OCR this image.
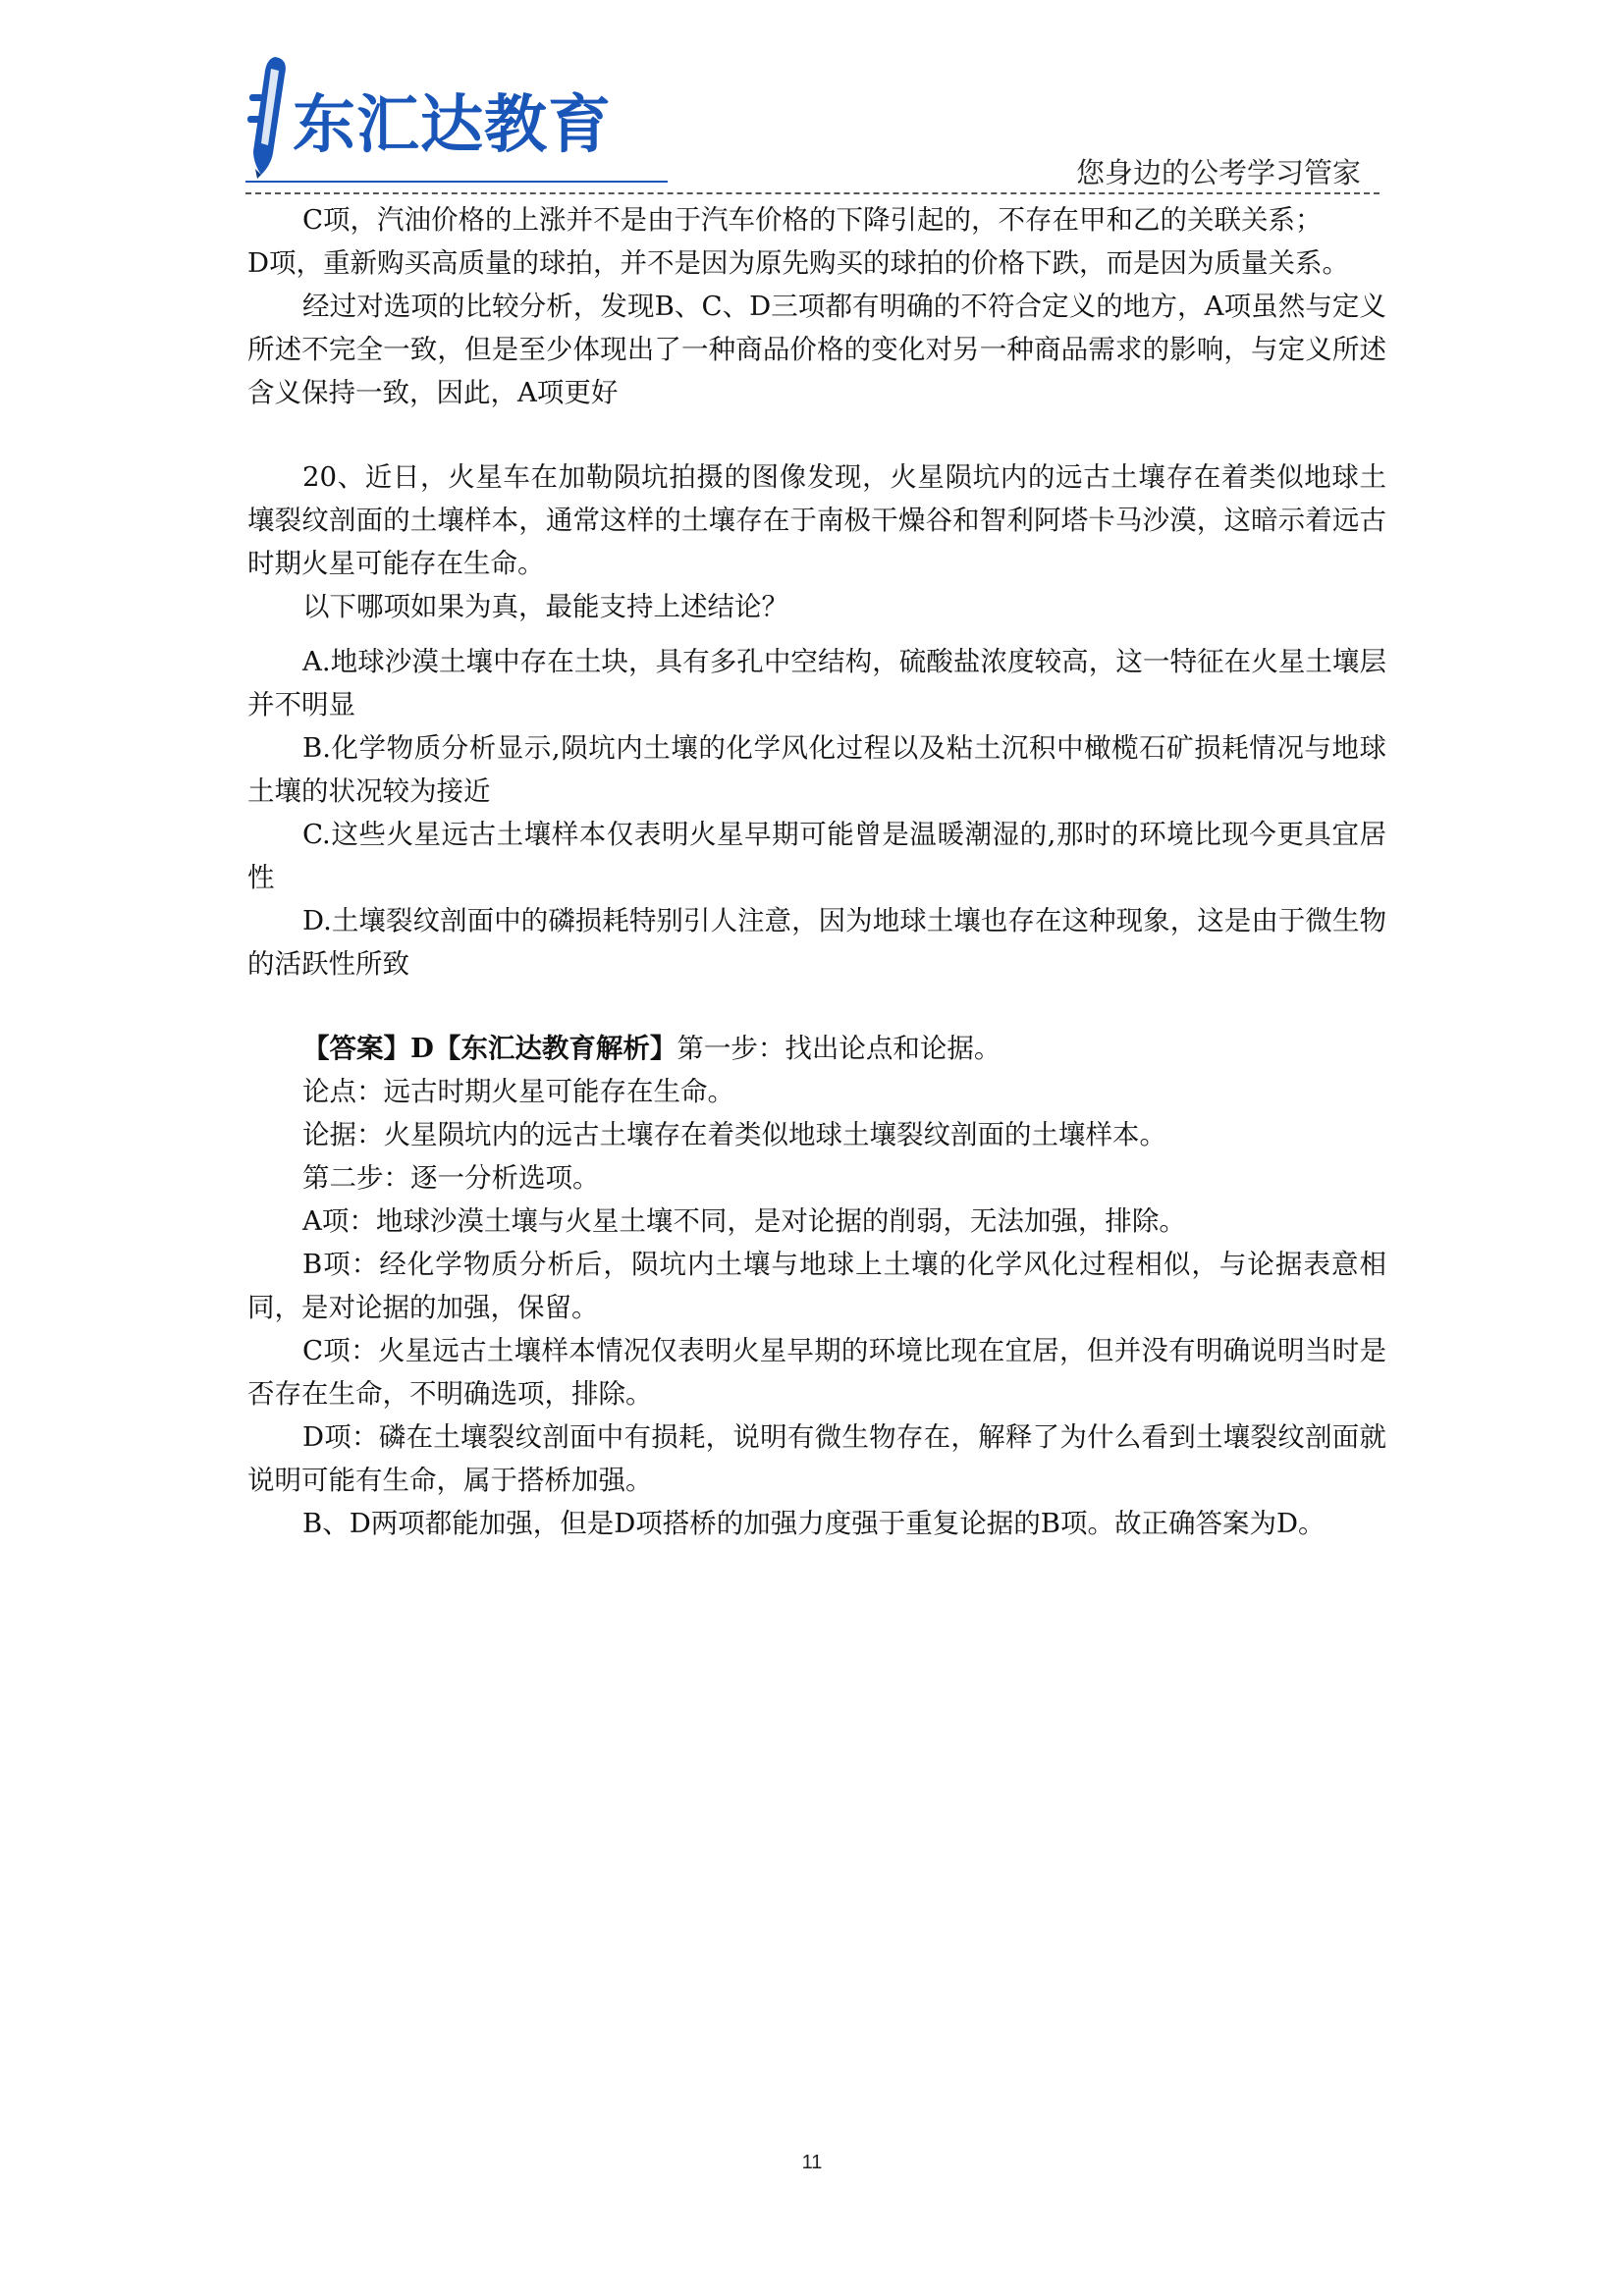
东汇达教育
您身边的公考学习管家

C项，汽油价格的上涨并不是由于汽车价格的下降引起的，不存在甲和乙的关联关系；

D项，重新购买高质量的球拍，并不是因为原先购买的球拍的价格下跌，而是因为质量关系。

经过对选项的比较分析，发现B、C、D三项都有明确的不符合定义的地方，A项虽然与定义所述不完全一致，但是至少体现出了一种商品价格的变化对另一种商品需求的影响，与定义所述含义保持一致，因此，A项更好

20、近日，火星车在加勒陨坑拍摄的图像发现，火星陨坑内的远古土壤存在着类似地球土壤裂纹剖面的土壤样本，通常这样的土壤存在于南极干燥谷和智利阿塔卡马沙漠，这暗示着远古时期火星可能存在生命。

以下哪项如果为真，最能支持上述结论？

A.地球沙漠土壤中存在土块，具有多孔中空结构，硫酸盐浓度较高，这一特征在火星土壤层并不明显

B.化学物质分析显示,陨坑内土壤的化学风化过程以及粘土沉积中橄榄石矿损耗情况与地球土壤的状况较为接近

C.这些火星远古土壤样本仅表明火星早期可能曾是温暖潮湿的,那时的环境比现今更具宜居性

D.土壤裂纹剖面中的磷损耗特别引人注意，因为地球土壤也存在这种现象，这是由于微生物的活跃性所致

【答案】D【东汇达教育解析】第一步：找出论点和论据。

论点：远古时期火星可能存在生命。

论据：火星陨坑内的远古土壤存在着类似地球土壤裂纹剖面的土壤样本。

第二步：逐一分析选项。

A项：地球沙漠土壤与火星土壤不同，是对论据的削弱，无法加强，排除。

B项：经化学物质分析后，陨坑内土壤与地球上土壤的化学风化过程相似，与论据表意相同，是对论据的加强，保留。

C项：火星远古土壤样本情况仅表明火星早期的环境比现在宜居，但并没有明确说明当时是否存在生命，不明确选项，排除。

D项：磷在土壤裂纹剖面中有损耗，说明有微生物存在，解释了为什么看到土壤裂纹剖面就说明可能有生命，属于搭桥加强。

B、D两项都能加强，但是D项搭桥的加强力度强于重复论据的B项。故正确答案为D。

11
